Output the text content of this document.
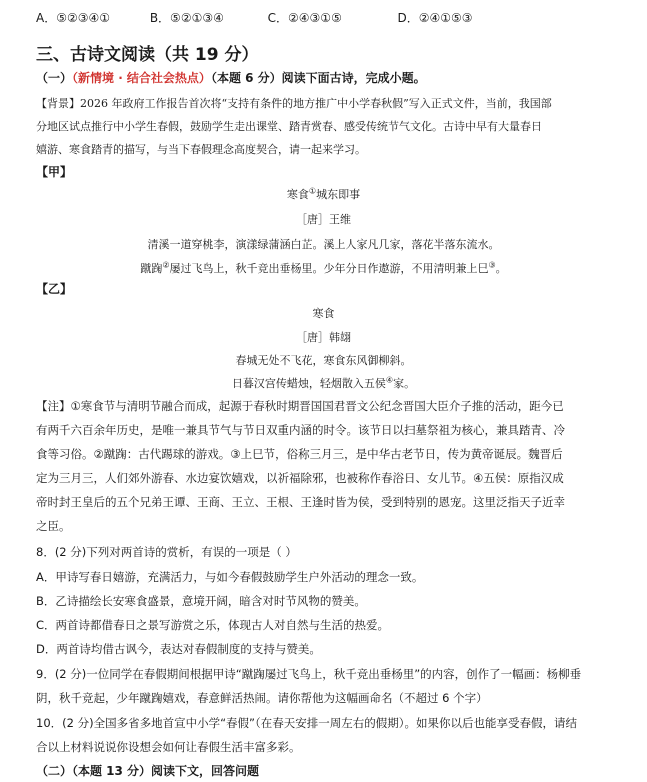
A．⑤②③④①	B．⑤②①③④	C．②④③①⑤	D．②④①⑤③
三、古诗文阅读（共 19 分）
（一）（新情境 · 结合社会热点）（本题 6 分）阅读下面古诗，完成小题。
【背景】2026 年政府工作报告首次将“支持有条件的地方推广中小学春秋假”写入正式文件，当前，我国部
分地区试点推行中小学生春假，鼓励学生走出课堂、踏青赏春、感受传统节气文化。古诗中早有大量春日
嬉游、寒食踏青的描写，与当下春假理念高度契合，请一起来学习。
【甲】
寒食①城东即事
［唐］王维
清溪一道穿桃李，演漾绿蒲涵白芷。溪上人家凡几家，落花半落东流水。
蹴踘②屡过飞鸟上，秋千竞出垂杨里。少年分日作遨游，不用清明兼上巳③。
【乙】
寒食
［唐］韩翃
春城无处不飞花，寒食东风御柳斜。
日暮汉宫传蜡烛，轻烟散入五侯④家。
【注】①寒食节与清明节融合而成，起源于春秋时期晋国国君晋文公纪念晋国大臣介子推的活动，距今已
有两千六百余年历史，是唯一兼具节气与节日双重内涵的时令。该节日以扫墓祭祖为核心，兼具踏青、冷
食等习俗。②蹴踘：古代踢球的游戏。③上巳节，俗称三月三，是中华古老节日，传为黄帝诞辰。魏晋后
定为三月三，人们郊外游春、水边宴饮嬉戏，以祈福除邪，也被称作春浴日、女儿节。④五侯：原指汉成
帝时封王皇后的五个兄弟王谭、王商、王立、王根、王逢时皆为侯，受到特别的恩宠。这里泛指天子近幸
之臣。
8．(2 分)下列对两首诗的赏析，有误的一项是（ ）
A．甲诗写春日嬉游，充满活力，与如今春假鼓励学生户外活动的理念一致。
B．乙诗描绘长安寒食盛景，意境开阔，暗含对时节风物的赞美。
C．两首诗都借春日之景写游赏之乐，体现古人对自然与生活的热爱。
D．两首诗均借古讽今，表达对春假制度的支持与赞美。
9．(2 分)一位同学在春假期间根据甲诗“蹴踘屡过飞鸟上，秋千竞出垂杨里”的内容，创作了一幅画：杨柳垂
阴，秋千竞起，少年蹴踘嬉戏，春意鲜活热闹。请你帮他为这幅画命名（不超过 6 个字）
10．(2 分)全国多省多地首宣中小学“春假”（在春天安排一周左右的假期）。如果你以后也能享受春假，请结
合以上材料说说你设想会如何让春假生活丰富多彩。
（二）（本题 13 分）阅读下文，回答问题
